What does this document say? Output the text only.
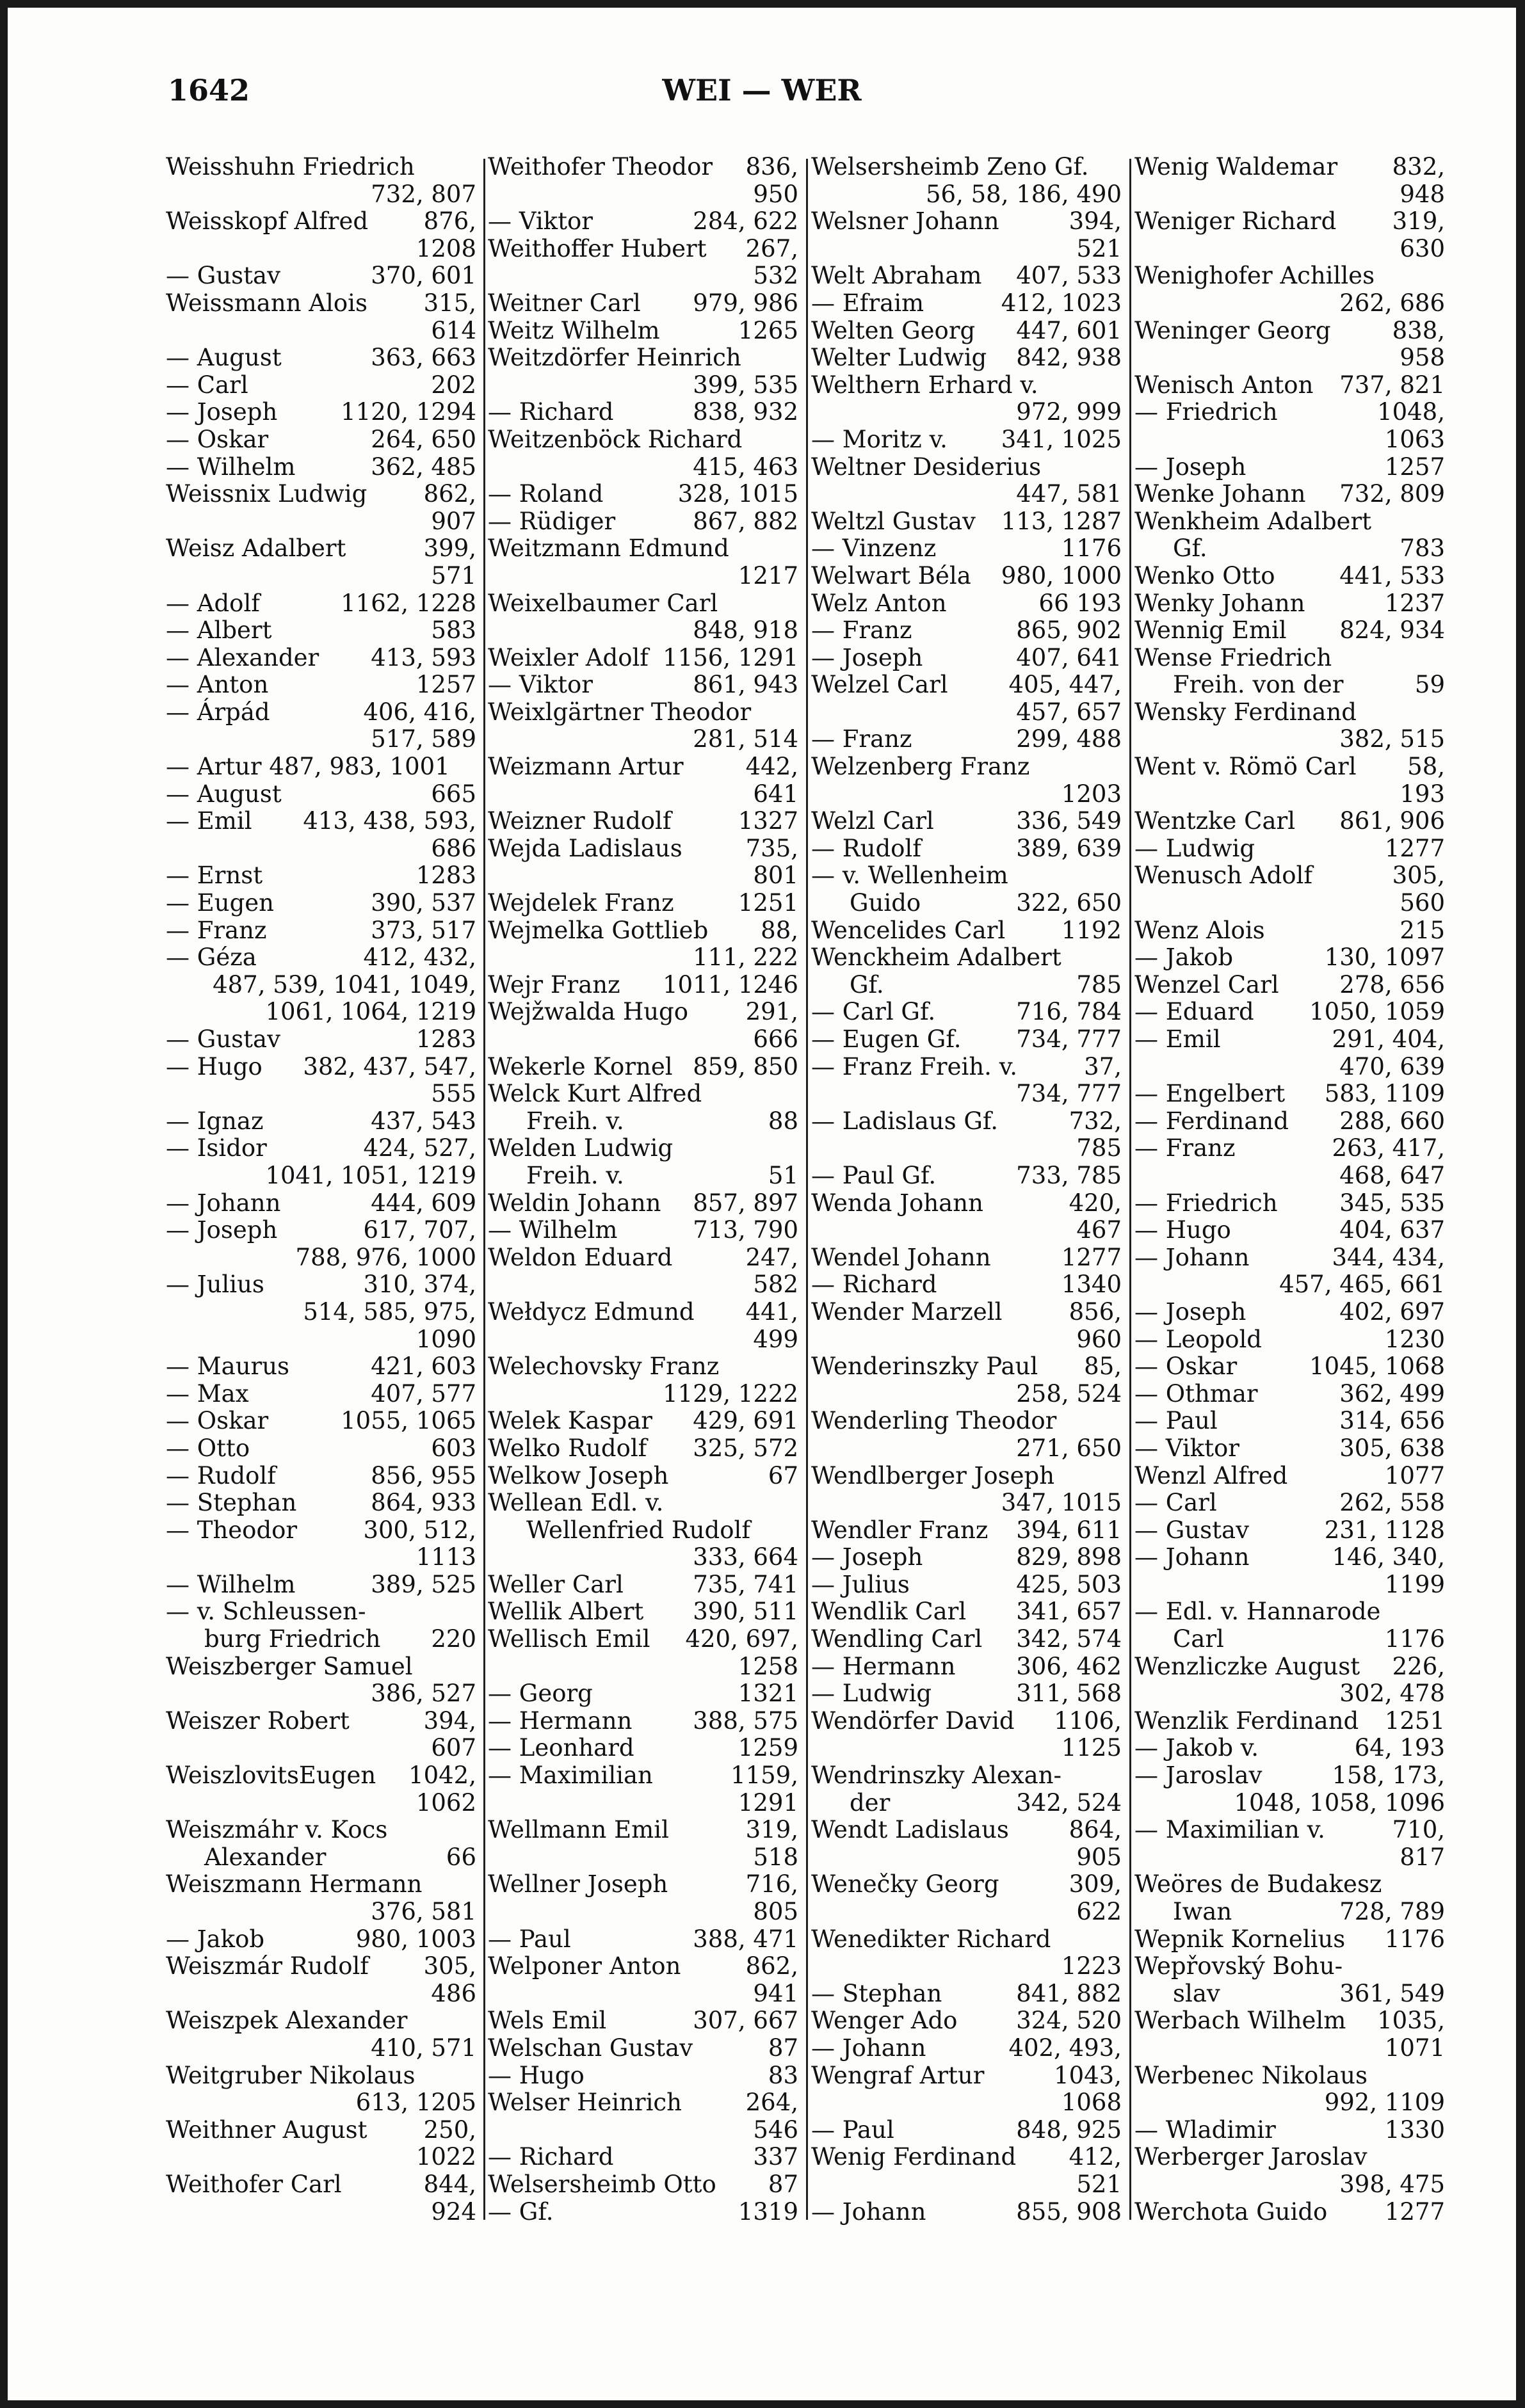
WEI — WER
1642
Weisshuhn Friedrich
732, 807
Weisskopf Alfred	876,
1208
— Gustav	370, 601
Weissmann Alois	315,
614
— August	363, 663
— Carl	202
— Joseph	1120, 1294
— Oskar	264, 650
— Wilhelm	362, 485
Weissnix Ludwig	862,
907
Weisz Adalbert	399,
571
— Adolf	1162, 1228
— Albert	583
— Alexander	413, 593
— Anton	1257
— Árpád	406, 416,
517, 589
— Artur 487, 983, 1001
— August	665
— Emil	413, 438, 593,
686
— Ernst	1283
— Eugen	390, 537
— Franz	373, 517
— Géza	412, 432,
487, 539, 1041, 1049,
1061, 1064, 1219
— Gustav	1283
— Hugo	382, 437, 547,
555
— Ignaz	437, 543
— Isidor	424, 527,
1041, 1051, 1219
— Johann	444, 609
— Joseph	617, 707,
788, 976, 1000
— Julius	310, 374,
514, 585, 975,
1090
— Maurus	421, 603
— Max	407, 577
— Oskar	1055, 1065
— Otto	603
— Rudolf	856, 955
— Stephan	864, 933
— Theodor	300, 512,
1113
— Wilhelm	389, 525
— v. Schleussen-
burg Friedrich	220
Weiszberger Samuel
386, 527
Weiszer Robert	394,
607
WeiszlovitsEugen	1042,
1062
Weiszmáhr v. Kocs
Alexander	66
Weiszmann Hermann
376, 581
— Jakob	980, 1003
Weiszmár Rudolf	305,
486
Weiszpek Alexander
410, 571
Weitgruber Nikolaus
613, 1205
Weithner August	250,
1022
Weithofer Carl	844,
924
Weithofer Theodor	836,
950
— Viktor	284, 622
Weithoffer Hubert	267,
532
Weitner Carl	979, 986
Weitz Wilhelm	1265
Weitzdörfer Heinrich
399, 535
— Richard	838, 932
Weitzenböck Richard
415, 463
— Roland	328, 1015
— Rüdiger	867, 882
Weitzmann Edmund
1217
Weixelbaumer Carl
848, 918
Weixler Adolf 1156, 1291
— Viktor	861, 943
Weixlgärtner Theodor
281, 514
Weizmann Artur	442,
641
Weizner Rudolf	1327
Wejda Ladislaus	735,
801
Wejdelek Franz	1251
Wejmelka Gottlieb	88,
111, 222
Wejr Franz	1011, 1246
Wejžwalda Hugo	291,
666
Wekerle Kornel 859, 850
Welck Kurt Alfred
Freih. v.	88
Welden Ludwig
Freih. v.	51
Weldin Johann	857, 897
— Wilhelm	713, 790
Weldon Eduard	247,
582
Wełdycz Edmund	441,
499
Welechovsky Franz
1129, 1222
Welek Kaspar	429, 691
Welko Rudolf	325, 572
Welkow Joseph	67
Wellean Edl. v.
Wellenfried Rudolf
333, 664
Weller Carl	735, 741
Wellik Albert	390, 511
Wellisch Emil	420, 697,
1258
— Georg	1321
— Hermann	388, 575
— Leonhard	1259
— Maximilian	1159,
1291
Wellmann Emil	319,
518
Wellner Joseph	716,
805
— Paul	388, 471
Welponer Anton	862,
941
Wels Emil	307, 667
Welschan Gustav	87
— Hugo	83
Welser Heinrich	264,
546
— Richard	337
Welsersheimb Otto	87
— Gf.	1319
Welsersheimb Zeno Gf.
56, 58, 186, 490
Welsner Johann	394,
521
Welt Abraham	407, 533
— Efraim	412, 1023
Welten Georg	447, 601
Welter Ludwig	842, 938
Welthern Erhard v.
972, 999
— Moritz v.	341, 1025
Weltner Desiderius
447, 581
Weltzl Gustav	113, 1287
— Vinzenz	1176
Welwart Béla	980, 1000
Welz Anton	66 193
— Franz	865, 902
— Joseph	407, 641
Welzel Carl	405, 447,
457, 657
— Franz	299, 488
Welzenberg Franz
1203
Welzl Carl	336, 549
— Rudolf	389, 639
— v. Wellenheim
Guido	322, 650
Wencelides Carl	1192
Wenckheim Adalbert
Gf.	785
— Carl Gf.	716, 784
— Eugen Gf.	734, 777
— Franz Freih. v.	37,
734, 777
— Ladislaus Gf.	732,
785
— Paul Gf.	733, 785
Wenda Johann	420,
467
Wendel Johann	1277
— Richard	1340
Wender Marzell	856,
960
Wenderinszky Paul	85,
258, 524
Wenderling Theodor
271, 650
Wendlberger Joseph
347, 1015
Wendler Franz	394, 611
— Joseph	829, 898
— Julius	425, 503
Wendlik Carl	341, 657
Wendling Carl	342, 574
— Hermann	306, 462
— Ludwig	311, 568
Wendörfer David	1106,
1125
Wendrinszky Alexan-
der	342, 524
Wendt Ladislaus	864,
905
Wenečky Georg	309,
622
Wenedikter Richard
1223
— Stephan	841, 882
Wenger Ado	324, 520
— Johann	402, 493,
Wengraf Artur	1043,
1068
— Paul	848, 925
Wenig Ferdinand	412,
521
— Johann	855, 908
Wenig Waldemar	832,
948
Weniger Richard	319,
630
Wenighofer Achilles
262, 686
Weninger Georg	838,
958
Wenisch Anton	737, 821
— Friedrich	1048,
1063
— Joseph	1257
Wenke Johann	732, 809
Wenkheim Adalbert
Gf.	783
Wenko Otto	441, 533
Wenky Johann	1237
Wennig Emil	824, 934
Wense Friedrich
Freih. von der	59
Wensky Ferdinand
382, 515
Went v. Römö Carl	58,
193
Wentzke Carl	861, 906
— Ludwig	1277
Wenusch Adolf	305,
560
Wenz Alois	215
— Jakob	130, 1097
Wenzel Carl	278, 656
— Eduard	1050, 1059
— Emil	291, 404,
470, 639
— Engelbert	583, 1109
— Ferdinand	288, 660
— Franz	263, 417,
468, 647
— Friedrich	345, 535
— Hugo	404, 637
— Johann	344, 434,
457, 465, 661
— Joseph	402, 697
— Leopold	1230
— Oskar	1045, 1068
— Othmar	362, 499
— Paul	314, 656
— Viktor	305, 638
Wenzl Alfred	1077
— Carl	262, 558
— Gustav	231, 1128
— Johann	146, 340,
1199
— Edl. v. Hannarode
Carl	1176
Wenzliczke August	226,
302, 478
Wenzlik Ferdinand	1251
— Jakob v.	64, 193
— Jaroslav	158, 173,
1048, 1058, 1096
— Maximilian v.	710,
817
Weöres de Budakesz
Iwan	728, 789
Wepnik Kornelius	1176
Wepřovský Bohu-
slav	361, 549
Werbach Wilhelm	1035,
1071
Werbenec Nikolaus
992, 1109
— Wladimir	1330
Werberger Jaroslav
398, 475
Werchota Guido	1277
